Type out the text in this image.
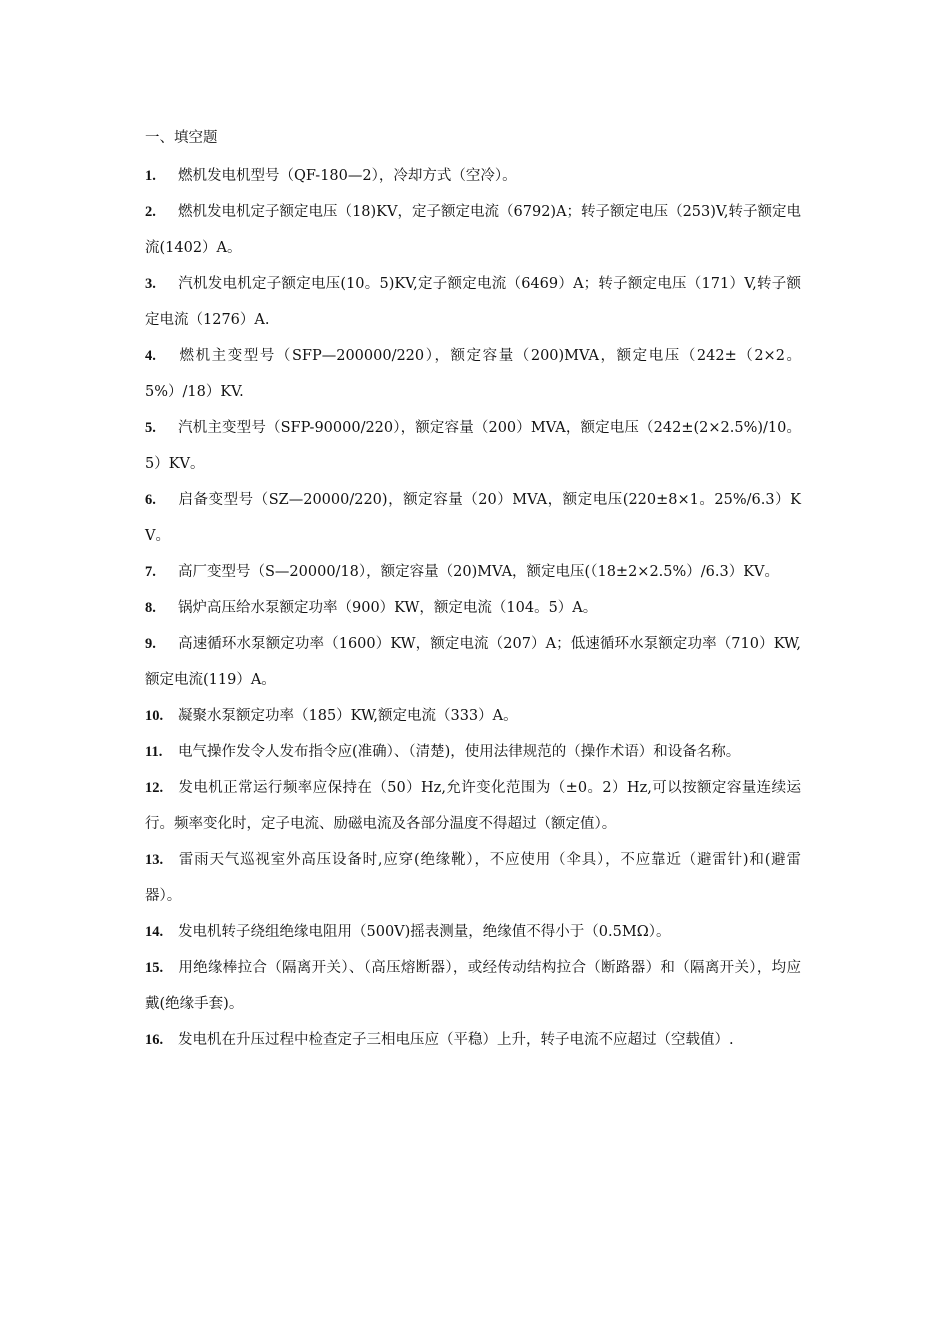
一、填空题
1. 燃机发电机型号（QF-180—2），冷却方式（空冷）。
2. 燃机发电机定子额定电压（18)KV，定子额定电流（6792)A；转子额定电压（253)V,转子额定电流(1402）A。
3. 汽机发电机定子额定电压(10。5)KV,定子额定电流（6469）A；转子额定电压（171）V,转子额定电流（1276）A.
4. 燃机主变型号（SFP—200000/220），额定容量（200)MVA，额定电压（242±（2×2。5%）/18）KV.
5. 汽机主变型号（SFP-90000/220），额定容量（200）MVA，额定电压（242±(2×2.5%)/10。5）KV。
6. 启备变型号（SZ—20000/220)，额定容量（20）MVA，额定电压(220±8×1。25%/6.3）KV。
7. 高厂变型号（S—20000/18），额定容量（20)MVA，额定电压(（18±2×2.5%）/6.3）KV。
8. 锅炉高压给水泵额定功率（900）KW，额定电流（104。5）A。
9. 高速循环水泵额定功率（1600）KW，额定电流（207）A；低速循环水泵额定功率（710）KW,额定电流(119）A。
10. 凝聚水泵额定功率（185）KW,额定电流（333）A。
11. 电气操作发令人发布指令应(准确）、（清楚)，使用法律规范的（操作术语）和设备名称。
12. 发电机正常运行频率应保持在（50）Hz,允许变化范围为（±0。2）Hz,可以按额定容量连续运行。频率变化时，定子电流、励磁电流及各部分温度不得超过（额定值）。
13. 雷雨天气巡视室外高压设备时,应穿(绝缘靴），不应使用（伞具），不应靠近（避雷针)和(避雷器）。
14. 发电机转子绕组绝缘电阻用（500V)摇表测量，绝缘值不得小于（0.5MΩ）。
15. 用绝缘棒拉合（隔离开关）、（高压熔断器），或经传动结构拉合（断路器）和（隔离开关），均应戴(绝缘手套)。
16. 发电机在升压过程中检查定子三相电压应（平稳）上升，转子电流不应超过（空载值）.
